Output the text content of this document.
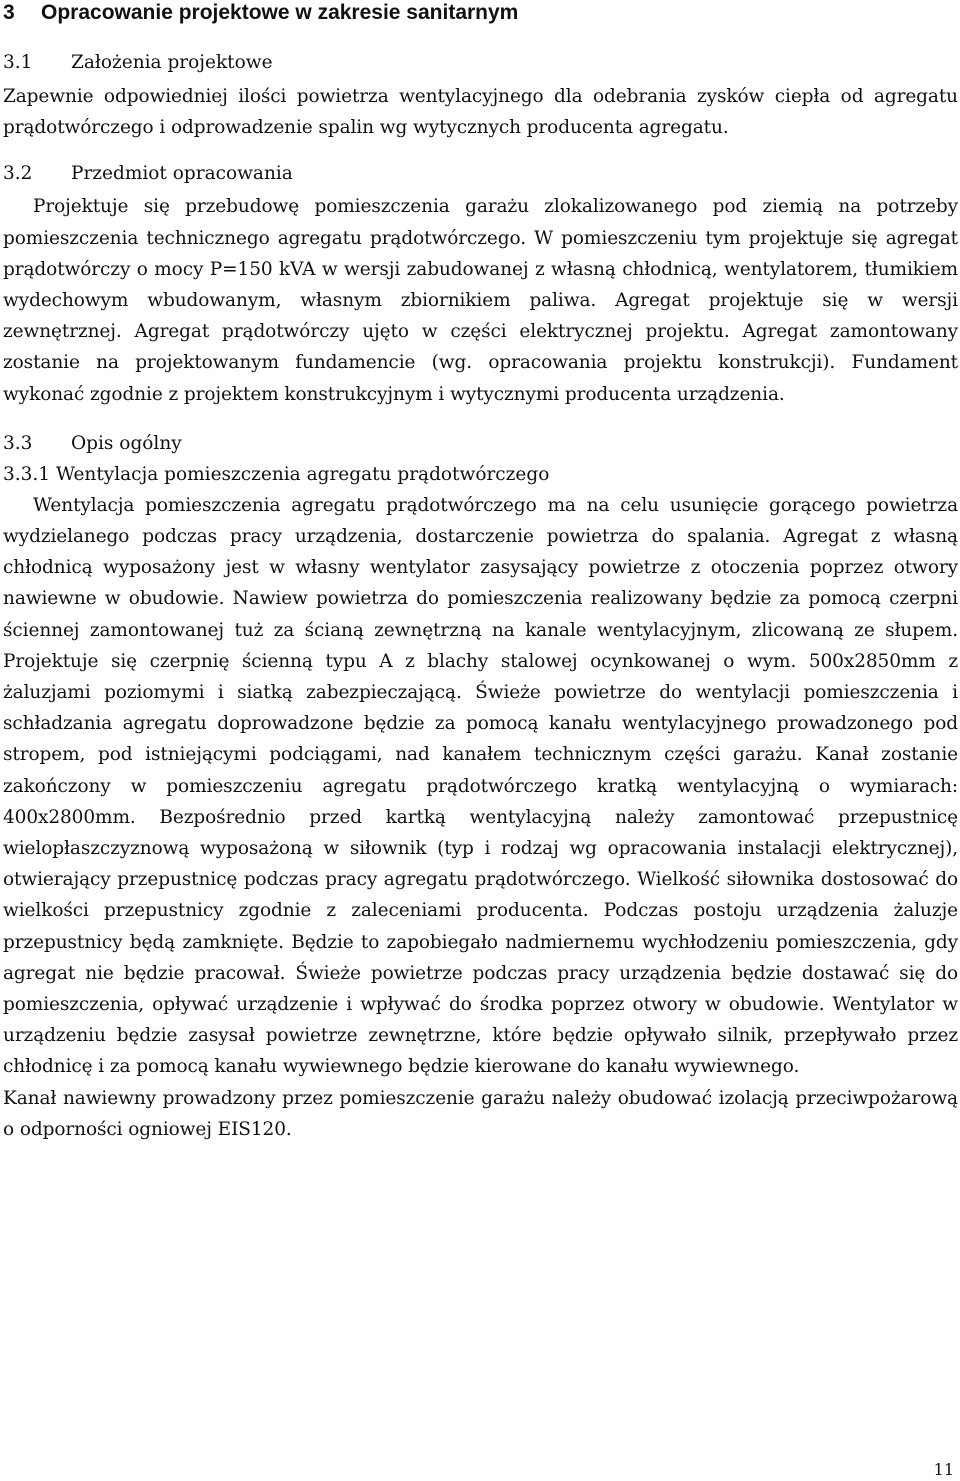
3 Opracowanie projektowe w zakresie sanitarnym
3.1 Założenia projektowe

Zapewnie odpowiedniej ilości powietrza wentylacyjnego dla odebrania zysków ciepła od agregatu prądotwórczego i odprowadzenie spalin wg wytycznych producenta agregatu.

3.2 Przedmiot opracowania

Projektuje się przebudowę pomieszczenia garażu zlokalizowanego pod ziemią na potrzeby pomieszczenia technicznego agregatu prądotwórczego. W pomieszczeniu tym projektuje się agregat prądotwórczy o mocy P=150 kVA w wersji zabudowanej z własną chłodnicą, wentylatorem, tłumikiem wydechowym wbudowanym, własnym zbiornikiem paliwa. Agregat projektuje się w wersji zewnętrznej. Agregat prądotwórczy ujęto w części elektrycznej projektu. Agregat zamontowany zostanie na projektowanym fundamencie (wg. opracowania projektu konstrukcji). Fundament wykonać zgodnie z projektem konstrukcyjnym i wytycznymi producenta urządzenia.

3.3 Opis ogólny
3.3.1 Wentylacja pomieszczenia agregatu prądotwórczego

Wentylacja pomieszczenia agregatu prądotwórczego ma na celu usunięcie gorącego powietrza wydzielanego podczas pracy urządzenia, dostarczenie powietrza do spalania. Agregat z własną chłodnicą wyposażony jest w własny wentylator zasysający powietrze z otoczenia poprzez otwory nawiewne w obudowie. Nawiew powietrza do pomieszczenia realizowany będzie za pomocą czerpni ściennej zamontowanej tuż za ścianą zewnętrzną na kanale wentylacyjnym, zlicowaną ze słupem. Projektuje się czerpnię ścienną typu A z blachy stalowej ocynkowanej o wym. 500x2850mm z żaluzjami poziomymi i siatką zabezpieczającą. Świeże powietrze do wentylacji pomieszczenia i schładzania agregatu doprowadzone będzie za pomocą kanału wentylacyjnego prowadzonego pod stropem, pod istniejącymi podciągami, nad kanałem technicznym części garażu. Kanał zostanie zakończony w pomieszczeniu agregatu prądotwórczego kratką wentylacyjną o wymiarach: 400x2800mm. Bezpośrednio przed kartką wentylacyjną należy zamontować przepustnicę wielopłaszczyznową wyposażoną w siłownik (typ i rodzaj wg opracowania instalacji elektrycznej), otwierający przepustnicę podczas pracy agregatu prądotwórczego. Wielkość siłownika dostosować do wielkości przepustnicy zgodnie z zaleceniami producenta. Podczas postoju urządzenia żaluzje przepustnicy będą zamknięte. Będzie to zapobiegało nadmiernemu wychłodzeniu pomieszczenia, gdy agregat nie będzie pracował. Świeże powietrze podczas pracy urządzenia będzie dostawać się do pomieszczenia, opływać urządzenie i wpływać do środka poprzez otwory w obudowie. Wentylator w urządzeniu będzie zasysał powietrze zewnętrzne, które będzie opływało silnik, przepływało przez chłodnicę i za pomocą kanału wywiewnego będzie kierowane do kanału wywiewnego.

Kanał nawiewny prowadzony przez pomieszczenie garażu należy obudować izolacją przeciwpożarową o odporności ogniowej EIS120.

11
